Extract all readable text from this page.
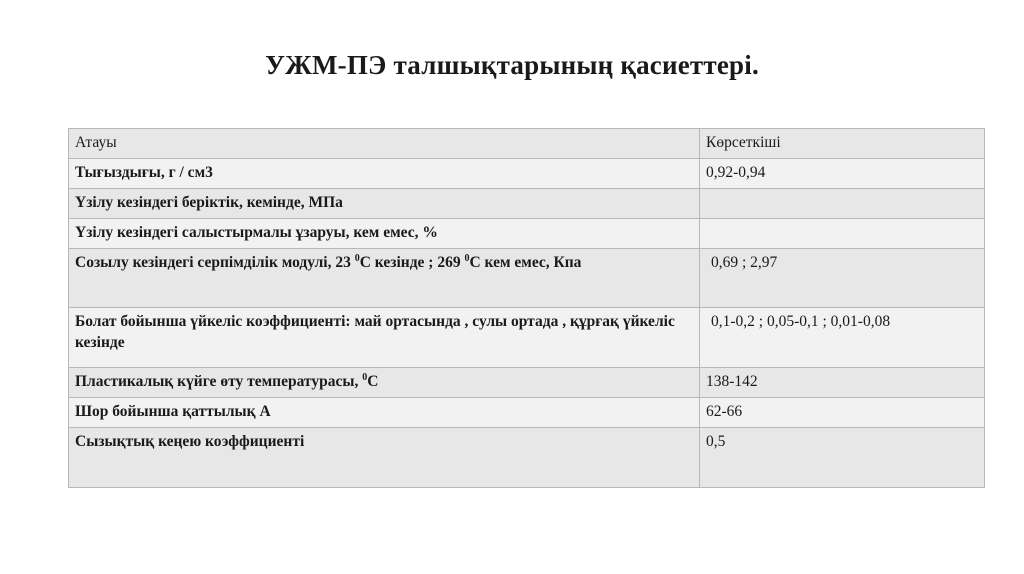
УЖМ-ПЭ талшықтарының қасиеттері.
Атауы	Көрсеткіші
Тығыздығы, г / см3	0,92-0,94
Үзілу кезіндегі беріктік, кемінде, МПа	
Үзілу кезіндегі салыстырмалы ұзаруы, кем емес, %	
Созылу кезіндегі серпімділік модулі, 23 $^0$С кезінде ; 269 $^0$С кем емес, Кпа	0,69 ; 2,97
Болат бойынша үйкеліс коэффициенті: май ортасында , сулы ортада , құрғақ үйкеліс кезінде	0,1-0,2 ; 0,05-0,1 ; 0,01-0,08
Пластикалық күйге өту температурасы, $^0$С	138-142
Шор бойынша қаттылық А	62-66
Сызықтық кеңею коэффициенті	0,5
